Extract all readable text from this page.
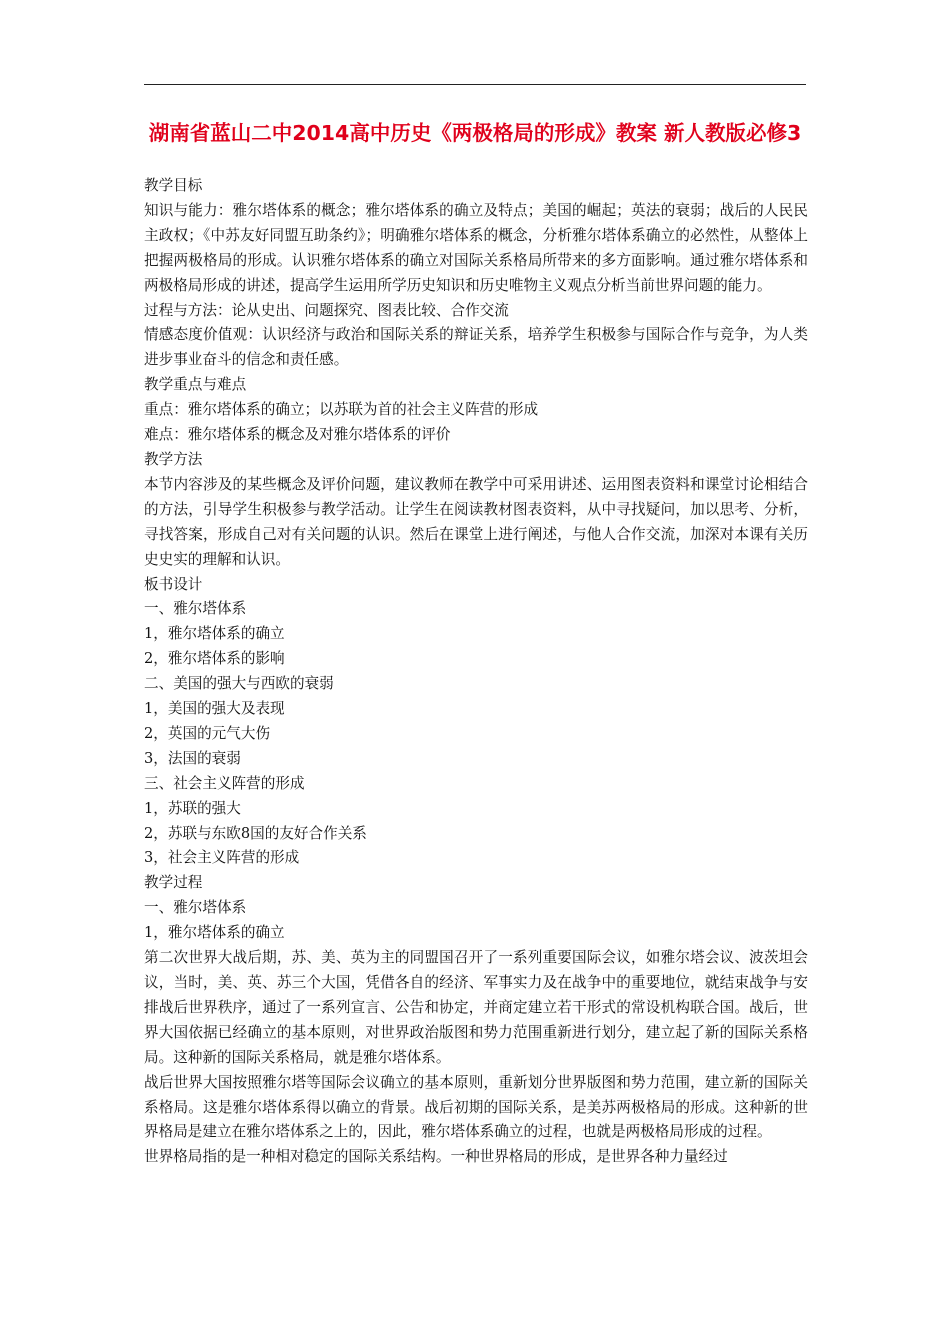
湖南省蓝山二中2014高中历史《两极格局的形成》教案 新人教版必修3

教学目标

知识与能力：雅尔塔体系的概念；雅尔塔体系的确立及特点；美国的崛起；英法的衰弱；战后的人民民主政权；《中苏友好同盟互助条约》；明确雅尔塔体系的概念，分析雅尔塔体系确立的必然性，从整体上把握两极格局的形成。认识雅尔塔体系的确立对国际关系格局所带来的多方面影响。通过雅尔塔体系和两极格局形成的讲述，提高学生运用所学历史知识和历史唯物主义观点分析当前世界问题的能力。

过程与方法：论从史出、问题探究、图表比较、合作交流

情感态度价值观：认识经济与政治和国际关系的辩证关系，培养学生积极参与国际合作与竞争，为人类进步事业奋斗的信念和责任感。

教学重点与难点

重点：雅尔塔体系的确立；以苏联为首的社会主义阵营的形成

难点：雅尔塔体系的概念及对雅尔塔体系的评价

教学方法

本节内容涉及的某些概念及评价问题，建议教师在教学中可采用讲述、运用图表资料和课堂讨论相结合的方法，引导学生积极参与教学活动。让学生在阅读教材图表资料，从中寻找疑问，加以思考、分析，寻找答案，形成自己对有关问题的认识。然后在课堂上进行阐述，与他人合作交流，加深对本课有关历史史实的理解和认识。

板书设计

一、雅尔塔体系

1，雅尔塔体系的确立

2，雅尔塔体系的影响

二、美国的强大与西欧的衰弱

1，美国的强大及表现

2，英国的元气大伤

3，法国的衰弱

三、社会主义阵营的形成

1，苏联的强大

2，苏联与东欧8国的友好合作关系

3，社会主义阵营的形成

教学过程

一、雅尔塔体系

1，雅尔塔体系的确立

第二次世界大战后期，苏、美、英为主的同盟国召开了一系列重要国际会议，如雅尔塔会议、波茨坦会议，当时，美、英、苏三个大国，凭借各自的经济、军事实力及在战争中的重要地位，就结束战争与安排战后世界秩序，通过了一系列宣言、公告和协定，并商定建立若干形式的常设机构联合国。战后，世界大国依据已经确立的基本原则，对世界政治版图和势力范围重新进行划分，建立起了新的国际关系格局。这种新的国际关系格局，就是雅尔塔体系。

战后世界大国按照雅尔塔等国际会议确立的基本原则，重新划分世界版图和势力范围，建立新的国际关系格局。这是雅尔塔体系得以确立的背景。战后初期的国际关系，是美苏两极格局的形成。这种新的世界格局是建立在雅尔塔体系之上的，因此，雅尔塔体系确立的过程，也就是两极格局形成的过程。

世界格局指的是一种相对稳定的国际关系结构。一种世界格局的形成，是世界各种力量经过
